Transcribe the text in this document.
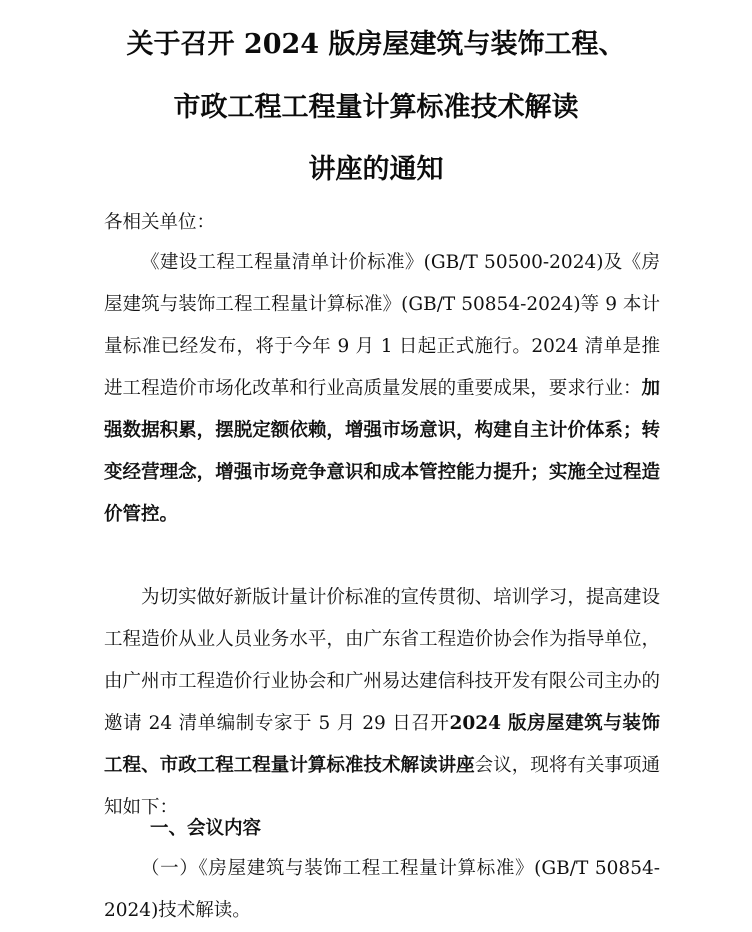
关于召开 2024 版房屋建筑与装饰工程、
市政工程工程量计算标准技术解读
讲座的通知
各相关单位：
《建设工程工程量清单计价标准》(GB/T 50500-2024)及《房屋建筑与装饰工程工程量计算标准》(GB/T 50854-2024)等 9 本计量标准已经发布，将于今年 9 月 1 日起正式施行。2024 清单是推进工程造价市场化改革和行业高质量发展的重要成果，要求行业：加强数据积累，摆脱定额依赖，增强市场意识，构建自主计价体系；转变经营理念，增强市场竞争意识和成本管控能力提升；实施全过程造价管控。
为切实做好新版计量计价标准的宣传贯彻、培训学习，提高建设工程造价从业人员业务水平，由广东省工程造价协会作为指导单位，由广州市工程造价行业协会和广州易达建信科技开发有限公司主办的邀请 24 清单编制专家于 5 月 29 日召开2024 版房屋建筑与装饰工程、市政工程工程量计算标准技术解读讲座会议，现将有关事项通知如下：
一、会议内容
（一）《房屋建筑与装饰工程工程量计算标准》(GB/T 50854-2024)技术解读。
